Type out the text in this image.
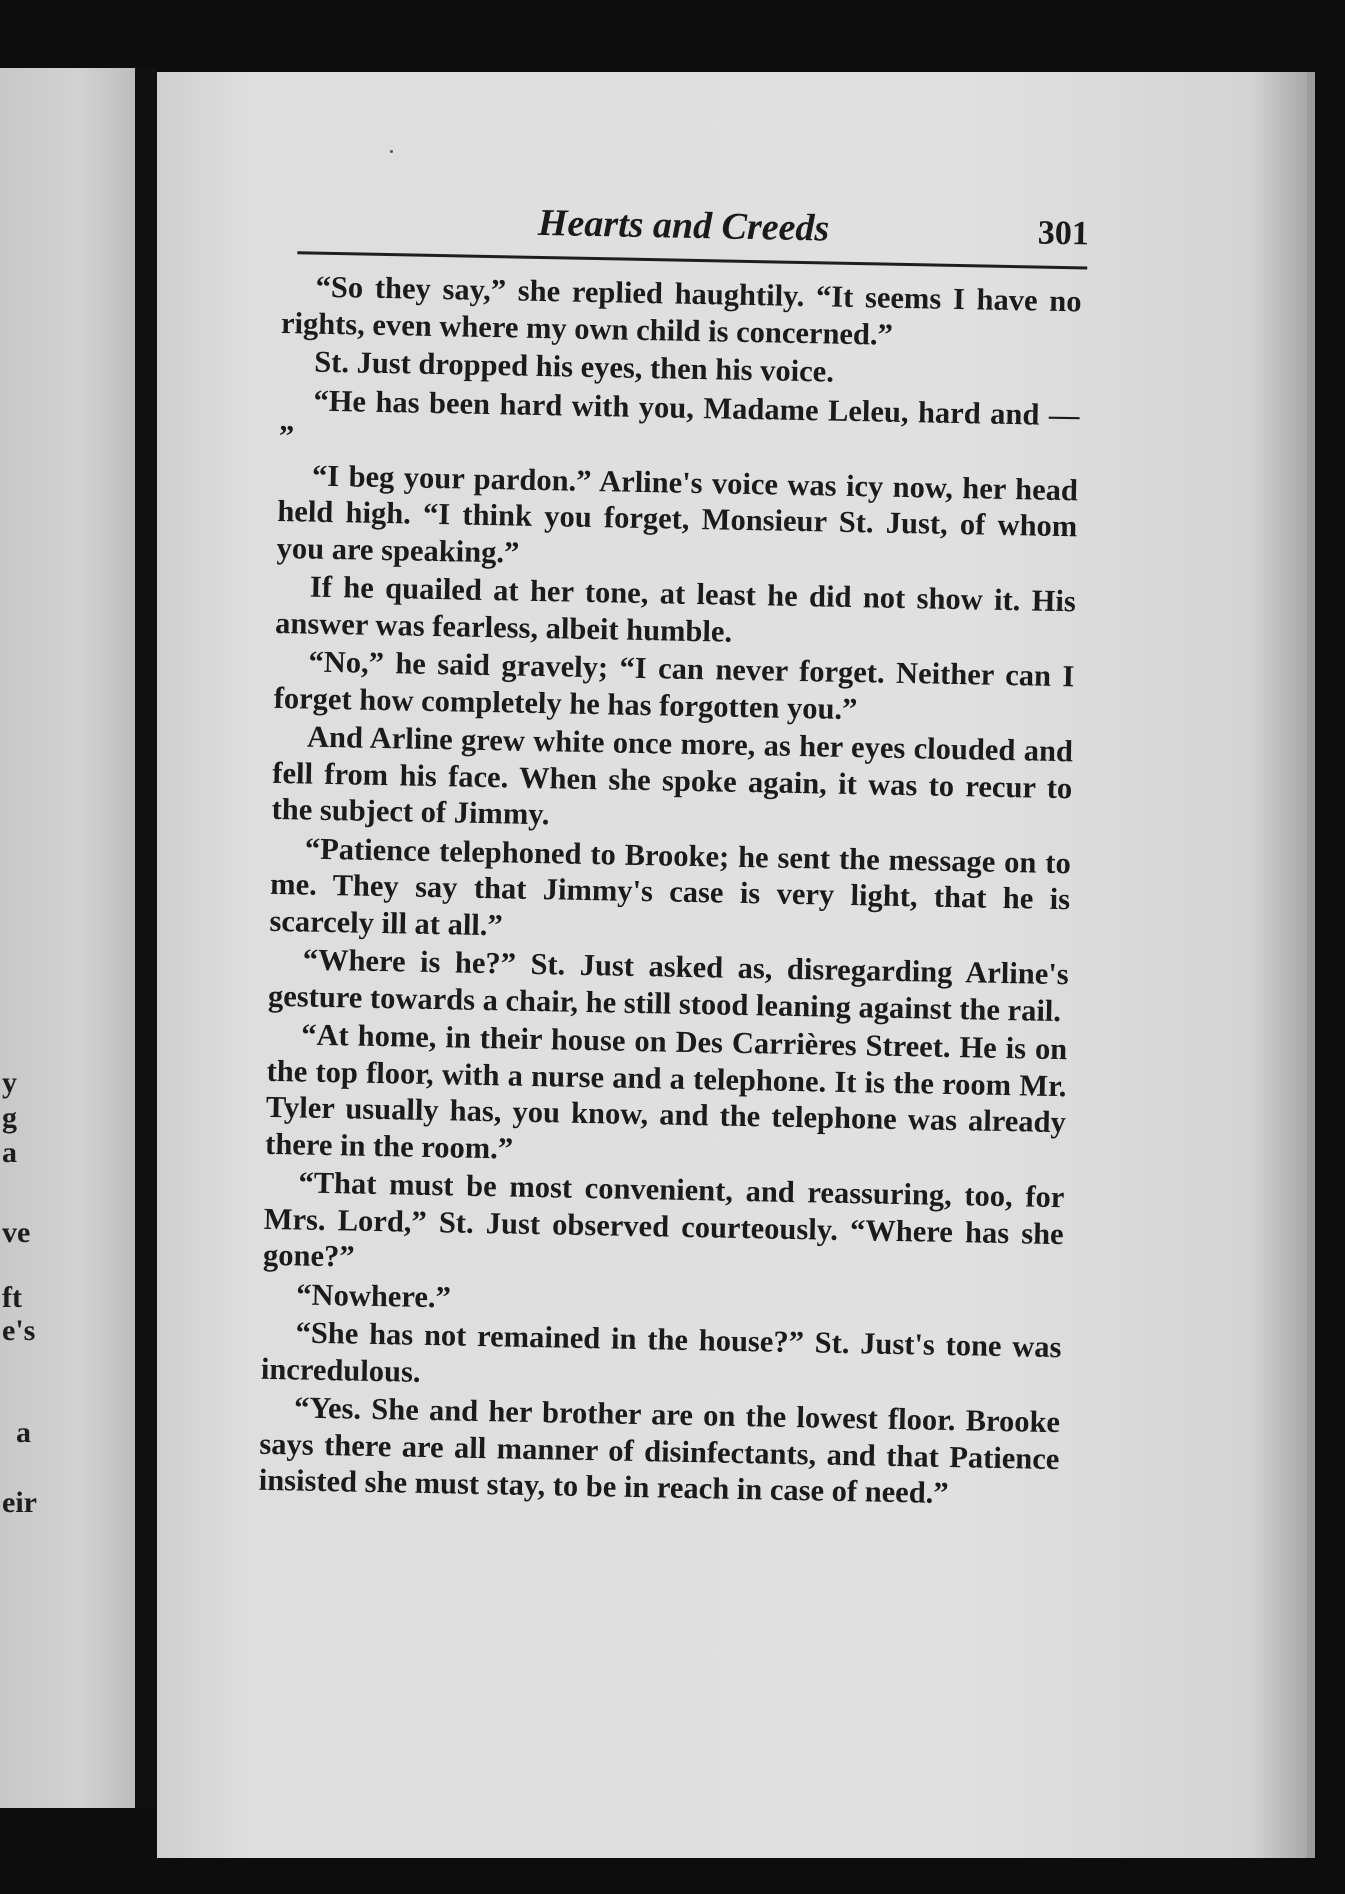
y
g
a
ve
ft
e's
a
eir
Hearts and Creeds	301

“So they say,” she replied haughtily. “It seems I have no rights, even where my own child is concerned.”

St. Just dropped his eyes, then his voice.

“He has been hard with you, Madame Leleu, hard and — ”

“I beg your pardon.” Arline's voice was icy now, her head held high. “I think you forget, Monsieur St. Just, of whom you are speaking.”

If he quailed at her tone, at least he did not show it. His answer was fearless, albeit humble.

“No,” he said gravely; “I can never forget. Neither can I forget how completely he has forgotten you.”

And Arline grew white once more, as her eyes clouded and fell from his face. When she spoke again, it was to recur to the subject of Jimmy.

“Patience telephoned to Brooke; he sent the message on to me. They say that Jimmy's case is very light, that he is scarcely ill at all.”

“Where is he?” St. Just asked as, disregarding Arline's gesture towards a chair, he still stood leaning against the rail.

“At home, in their house on Des Carrières Street. He is on the top floor, with a nurse and a telephone. It is the room Mr. Tyler usually has, you know, and the telephone was already there in the room.”

“That must be most convenient, and reassuring, too, for Mrs. Lord,” St. Just observed courteously. “Where has she gone?”

“Nowhere.”

“She has not remained in the house?” St. Just's tone was incredulous.

“Yes. She and her brother are on the lowest floor. Brooke says there are all manner of disinfectants, and that Patience insisted she must stay, to be in reach in case of need.”
